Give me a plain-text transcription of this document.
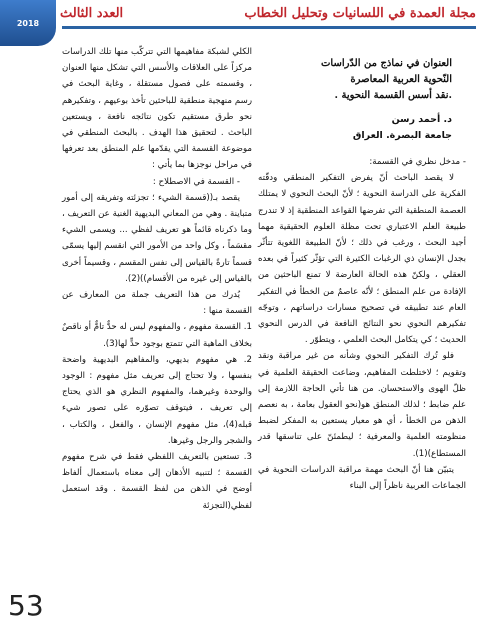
2018
العدد الثالث	مجلة العمدة في اللسانيات وتحليل الخطاب

العنوان في نماذج من الدّراسات

النّحوية العربية المعاصرة

.نقد أسس القسمة النحوية .

د. أحمد رسن

جامعة البصرة. العراق

- مدخل نظري في القسمة:

لا يقصد الباحث أنّ يفرض التفكير المنطقي ودقّته الفكرية على الدراسة النحوية ؛ لأنّ البحث النحوي لا يمتلك العصمة المنطقية التي تفرضها القواعد المنطقية إذ لا تندرج طبيعة العلم الاعتباري تحت مظلة العلوم الحقيقية مهما أجيد البحث ، ورغب في ذلك ؛ لأنّ الطبيعة اللغوية تتأثّر بجدل الإنسان ذي الرغبات الكثيرة التي تؤثّر كثيراً في بعده العقلي ، ولكنّ هذه الحالة العارضة لا تمنع الباحثين من الإفادة من علم المنطق ؛ لأنّه عاصمٌ من الخطأ في التفكير العام عند تطبيقه في تصحيح مسارات دراساتهم ، وتوجّه تفكيرهم النحوي نحو النتائج النافعة في الدرس النحوي الحديث ؛ كي يتكامل البحث العلمي ، ويتطوّر .

فلو تُرك التفكير النحوي وشأنه من غير مراقبة ونقد وتقويم ؛ لاختلطت المفاهيم، وضاعت الحقيقة العلمية في ظلّ الهوى والاستحسان. من هنا تأتي الحاجة اللازمة إلى علم ضابط ؛ لذلك المنطق هو(نحو العقول بعامة ، به نعصم الذهن من الخطأ ، أي هو معيار يستعين به المفكر لضبط منظومته العلمية والمعرفية ؛ ليطمئنّ على تناسقها قدر المستطاع)(1).

يتبيّن هنا أنّ البحث مهمة مراقبة الدراسات النحوية في الجماعات العربية ناظراً إلى البناء

الكلي لشبكة مفاهيمها التي تتركّب منها تلك الدراسات مركزاً على العلاقات والأسس التي تشكل منها العنوان ، وقسمته على فصول مستقلة ، وغاية البحث في رسم منهجية منطقية للباحثين تأخذ بوعيهم ، وتفكيرهم نحو طرق مستقيم تكون نتائجه نافعة ، ويستعين الباحث . لتحقيق هذا الهدف . بالبحث المنطقي في موضوعة القسمة التي يقدّمها علم المنطق بعد تعرفها في مراحل نوجزها بما يأتي :

- القسمة في الاصطلاح :

يقصد بـ((قسمة الشيء ؛ تجزئته وتفريقه إلى أمور متباينة . وهي من المعاني البديهية الغنية عن التعريف ، وما ذكرناه قائماً هو تعريف لفظي ... ويسمى الشيء مقسَماً ، وكل واحد من الأمور التي انقسم إليها يسمّى قسماً تارةً بالقياس إلى نفس المقسم ، وقسيماً أخرى بالقياس إلى غيره من الأقسام))(2).

يُدرك من هذا التعريف جملة من المعارف عن القسمة منها :

1. القسمة مفهوم ، والمفهوم ليس له حدٌّ تامٌّ أو ناقصٌ بخلاف الماهية التي تتمتع بوجود حدٍّ لها(3).

2. هي مفهوم بديهي، والمفاهيم البديهية واضحة بنفسها ، ولا تحتاج إلى تعريف مثل مفهوم : الوجود والوحدة وغيرهما، والمفهوم النظري هو الذي يحتاج إلى تعريف ، فيتوقف تصوّره على تصور شيء قبله(4)، مثل مفهوم الإنسان ، والفعل ، والكتاب ، والشجر والرجل وغيرها.

3. تستعين بالتعريف اللفظي فقط في شرح مفهوم القسمة ؛ لتنبيه الأذهان إلى معناه باستعمال ألفاظ أوضح في الذهن من لفظ القسمة . وقد استعمل لفظي(التجزئة

53
